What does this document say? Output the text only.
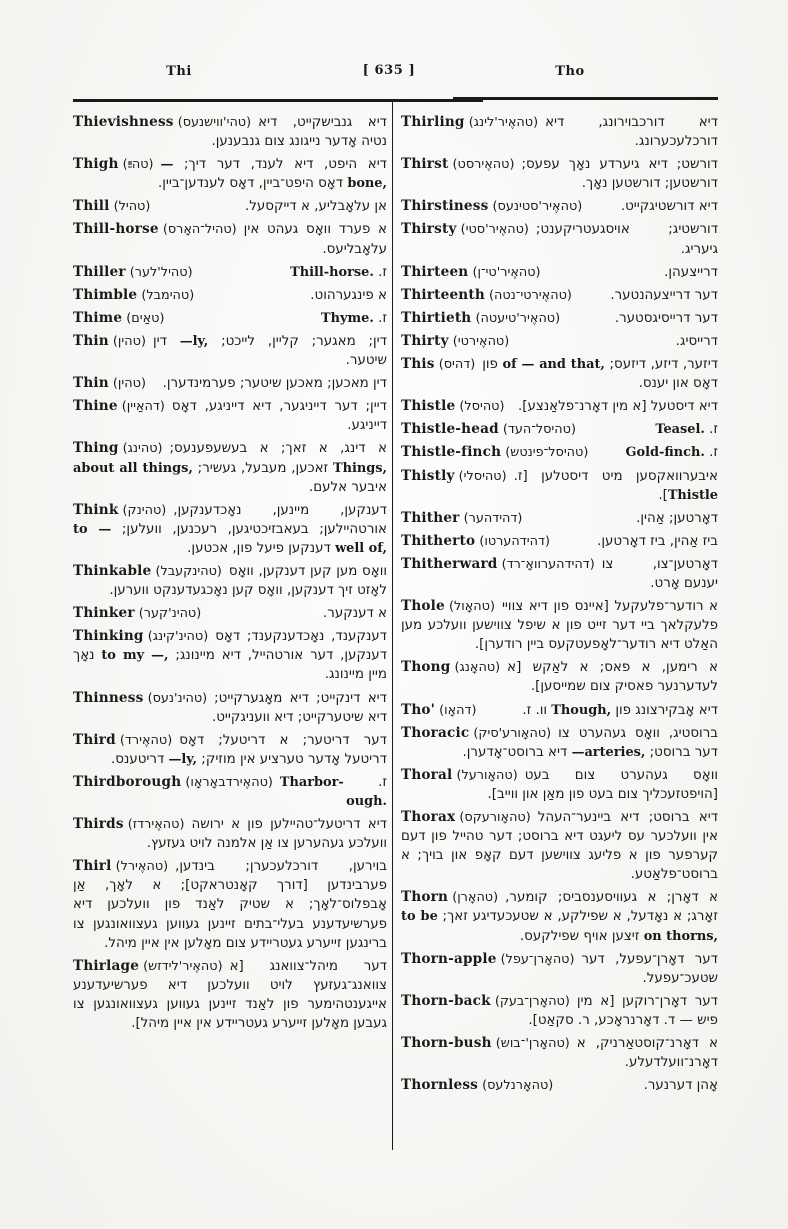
Thi	[ 635 ]	Tho

Thievishness (טהי'ווישנעס) דיא גנבישקייט, דיא נטיה אָדער נייגונג צום גנבענען.

Thigh (טהײַ)	דיא היפט, דיא לענד, דער דיך; —bone, דאָס היפט־ביין, דאָס לענדען־ביין.

Thill (טהיל)	אן עלאָבליע, א דייקסעל.

Thill-horse (טהיל־האָרס) א פערד וואָס געהט אין עלאָבליעס.

Thiller (טהיל'לער)	ז. Thill-horse.

Thimble (טהימבל)	א פינגערהוט.

Thime (טאַים)	ז. Thyme.

Thin (טהין)	דין; מאגער; קליין, לייכט; —ly, דין שיטער.

Thin (טהין)	דין מאכען; מאכען שיטער; פערמינדערן.

Thine (דהאַיין) דיין; דער דייניגער, דיא דייניגע, דאָס דייניגע.

Thing (טהינג) א דינג, א זאך; א בעשעפענעס; Things, זאכען, מעבעל, געשיר; about all things, איבער אלעם.

Think (טהינק) דענקען, מיינען, נאָכדענקען, אורטהיילען; בעאבזיכטיגען, רעכנען, וועלען; to — well of, דענקען פיעל פון, אכטען.

Thinkable (טהינקעבל) וואָס מען קען דענקען, וואָס לאָזט זיך דענקען, וואָס קען נאָכגעדענקט ווערען.

Thinker (טהינ'קער)	א דענקער.

Thinking (טהינ'קינג) דענקענד, נאָכדענקענד; דאָס דענקען, דער אורטהייל, דיא מיינונג; to my —, נאָך מיין מיינונג.

Thinness (טהינ'נעס) דיא דינקייט; דיא מאָגערקייט; דיא שיטערקייט; דיא וועניגקייט.

Third (טהאֶירד) דער דריטער; א דריטעל; דאָס דריטעל אָדער טערציע אין מוזיק; —ly, דריטענס.

Thirdborough (טהאֶירדבאָראָו)	ז. Tharbor-ough.

Thirds (טהאֶירדז) דיא דריטעל־טהיילען פון א ירושה וועלכע געהערען צו אַן אלמנה לויט געזעץ.

Thirl (טהאֶירל) בוירען, דורכלעכערן; בינדען, פערבינדען [דורך קאָנטראקט]; א לאָך, אַן אָבפלוס־לאָך; א שטיק לאַנד פון וועלכען דיא פערשיעדענע בעלי־בתים זיינען געווען געצוואונגען צו ברינגען זייערע געטריידע צום מאָלען אין איין מיהל.

Thirlage (טהאֶיר'לידזש) דער מיהל־צוואנג [א צוואנג־געזעץ לויט וועלכען דיא פערשיעדענע אייגענטהימער פון לאַנד זיינען געווען געצוואונגען צו געבען מאָלען זייערע געטריידע אין איין מיהל].

Thirling (טהאֶיר'לינג) דיא דורכבוירונג, דיא דורכלעכערונג.

Thirst (טהאֶירסט) דורשט; דיא גיערדע נאָך עפעס; דורשטען; דורשטען נאָך.

Thirstiness (טהאֶיר'סטינעס)	דיא דורשטיגקייט.

Thirsty (טהאֶיר'סטי) דורשטיג; אויסגעטריקענט; גיעריג.

Thirteen (טהאֶיר'טי־ן)	דרייצעהן.

Thirteenth (טהאֶירטי־נטה)	דער דרייצעהנטער.

Thirtieth (טהאֶיר'טיעטה)	דער דרייסיגסטער.

Thirty (טהאֶירטי)	דרייסיג.

This (דהיס)	דיזער, דיזע, דיזעס; of — and that, פון דאָס און יענס.

Thistle (טהיסל)	דיא דיסטעל [א מין דאָרנ־פלאַנצע].

Thistle-head (טהיסל־העד)	ז. Teasel.

Thistle-finch (טהיסל־פינטש)	ז. Gold-finch.

Thistly (טהיסלי) איבערוואקסען מיט דיסטלען [ז. Thistle].

Thither (דהידהער)	דאָרטען; אַהין.

Thitherto (דהידהערטו)	ביז אַהין, ביז דאָרטען.

Thitherward (דהידהערוואָ־רד) דאָרטען־צו, צו יענעם אָרט.

Thole (טהאָול) א רודער־פלעקעל [איינס פון דיא צוויי פלעקלאך ביי דער זייט פון א שיפל צווישען וועלכע מען האַלט דיא רודער־לאָפעטקעס ביין רודערן].

Thong (טהאָנג) א רימען, א פאס; א לאַקש [א לעדערנער פאסיק צום שמייסען].

Tho' (דהאָו)	דיא אָבקירצונג פון Though, וו. ז.

Thoracic (טהאָורע'סיק) ברוסטיג, וואָס געהערט צו דער ברוסט; —arteries, דיא ברוסט־אָדערן.

Thoral (טהאָורעל) וואָס געהערט צום בעט [הויפטזעכליך צום בעט פון מאַן און ווייב].

Thorax (טהאָורעקס) דיא ברוסט; דיא ביינער־העהל אין וועלכער עס ליעגט דיא ברוסט; דער טהייל פון דעם קערפער פון א פליעג צווישען דעם קאָפ און בויך; א ברוסט־פלאַטע.

Thorn (טהאָרן) א דאָרן; א געוויסענסביס; קומער, זאָרג; א נאָדעל, א שפילקע, א שטעכעדיגע זאך; to be on thorns, זיצען אויף שפילקעס.

Thorn-apple (טהאָרן־עפל) דער דאָרן־עפעל, דער שטעכ־עפעל.

Thorn-back (טהאָרן־בעק) דער דאָרן־רוקען [א מין פיש — ד. דאָרנראָכע, ר. סקאַט].

Thorn-bush (טהאָרן'־בוש) א דאָרנ־קוסטאַרניק, א דאָרנ־וועלדעלע.

Thornless (טהאָרנלעס)	אָהן דערנער.
